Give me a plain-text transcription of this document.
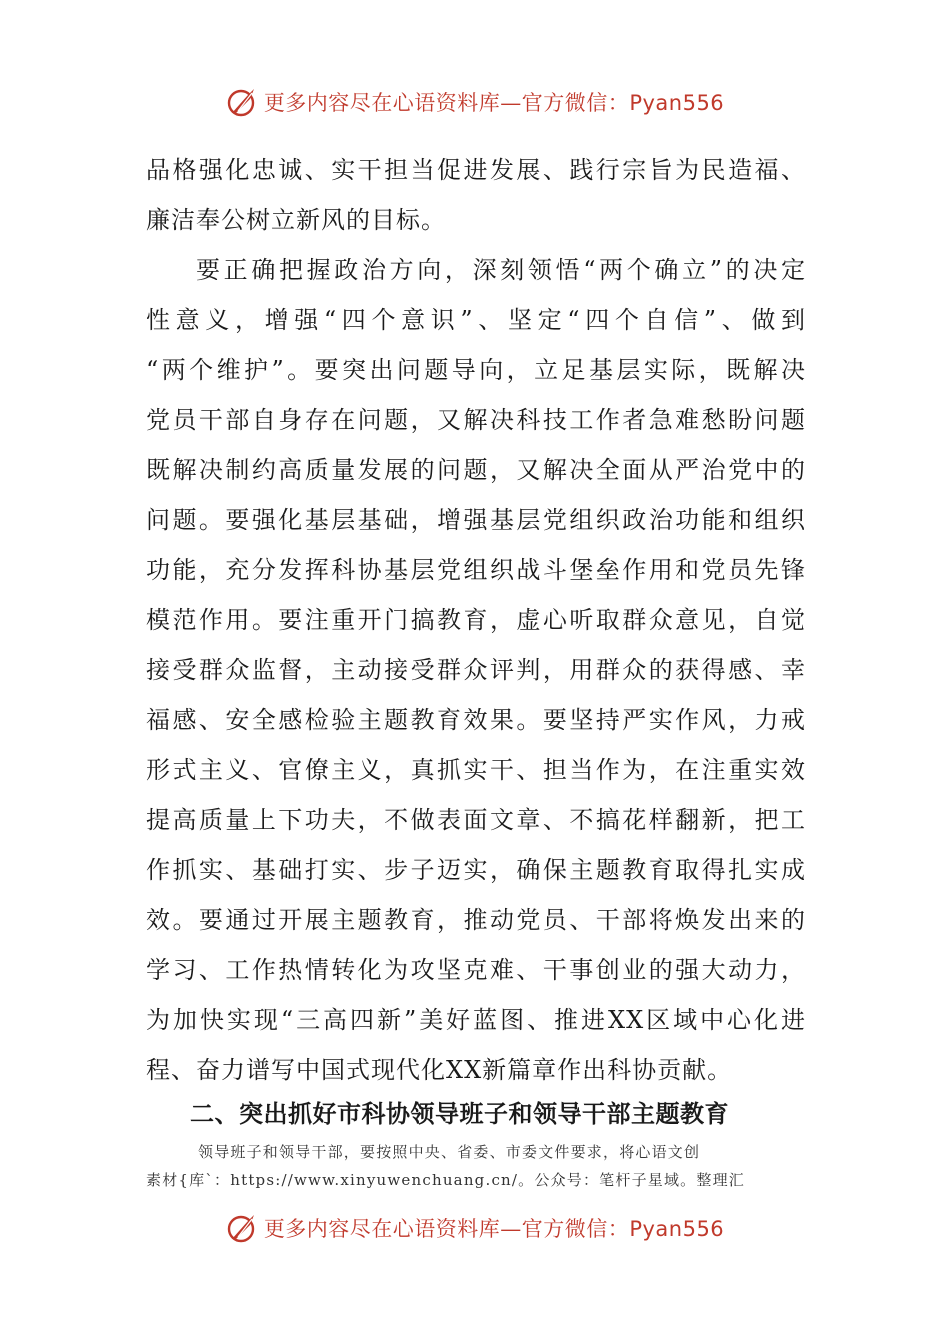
更多内容尽在心语资料库—官方微信：Pyan556
品格强化忠诚、实干担当促进发展、践行宗旨为民造福、
廉洁奉公树立新风的目标。
要正确把握政治方向，深刻领悟“两个确立”的决定
性意义，增强“四个意识”、坚定“四个自信”、做到
“两个维护”。要突出问题导向，立足基层实际，既解决
党员干部自身存在问题，又解决科技工作者急难愁盼问题
既解决制约高质量发展的问题，又解决全面从严治党中的
问题。要强化基层基础，增强基层党组织政治功能和组织
功能，充分发挥科协基层党组织战斗堡垒作用和党员先锋
模范作用。要注重开门搞教育，虚心听取群众意见，自觉
接受群众监督，主动接受群众评判，用群众的获得感、幸
福感、安全感检验主题教育效果。要坚持严实作风，力戒
形式主义、官僚主义，真抓实干、担当作为，在注重实效
提高质量上下功夫，不做表面文章、不搞花样翻新，把工
作抓实、基础打实、步子迈实，确保主题教育取得扎实成
效。要通过开展主题教育，推动党员、干部将焕发出来的
学习、工作热情转化为攻坚克难、干事创业的强大动力，
为加快实现“三高四新”美好蓝图、推进XX区域中心化进
程、奋力谱写中国式现代化XX新篇章作出科协贡献。
二、突出抓好市科协领导班子和领导干部主题教育
领导班子和领导干部，要按照中央、省委、市委文件要求，将心语文创
素材{库`：https://www.xinyuwenchuang.cn/。公众号：笔杆子星域。整理汇
更多内容尽在心语资料库—官方微信：Pyan556
